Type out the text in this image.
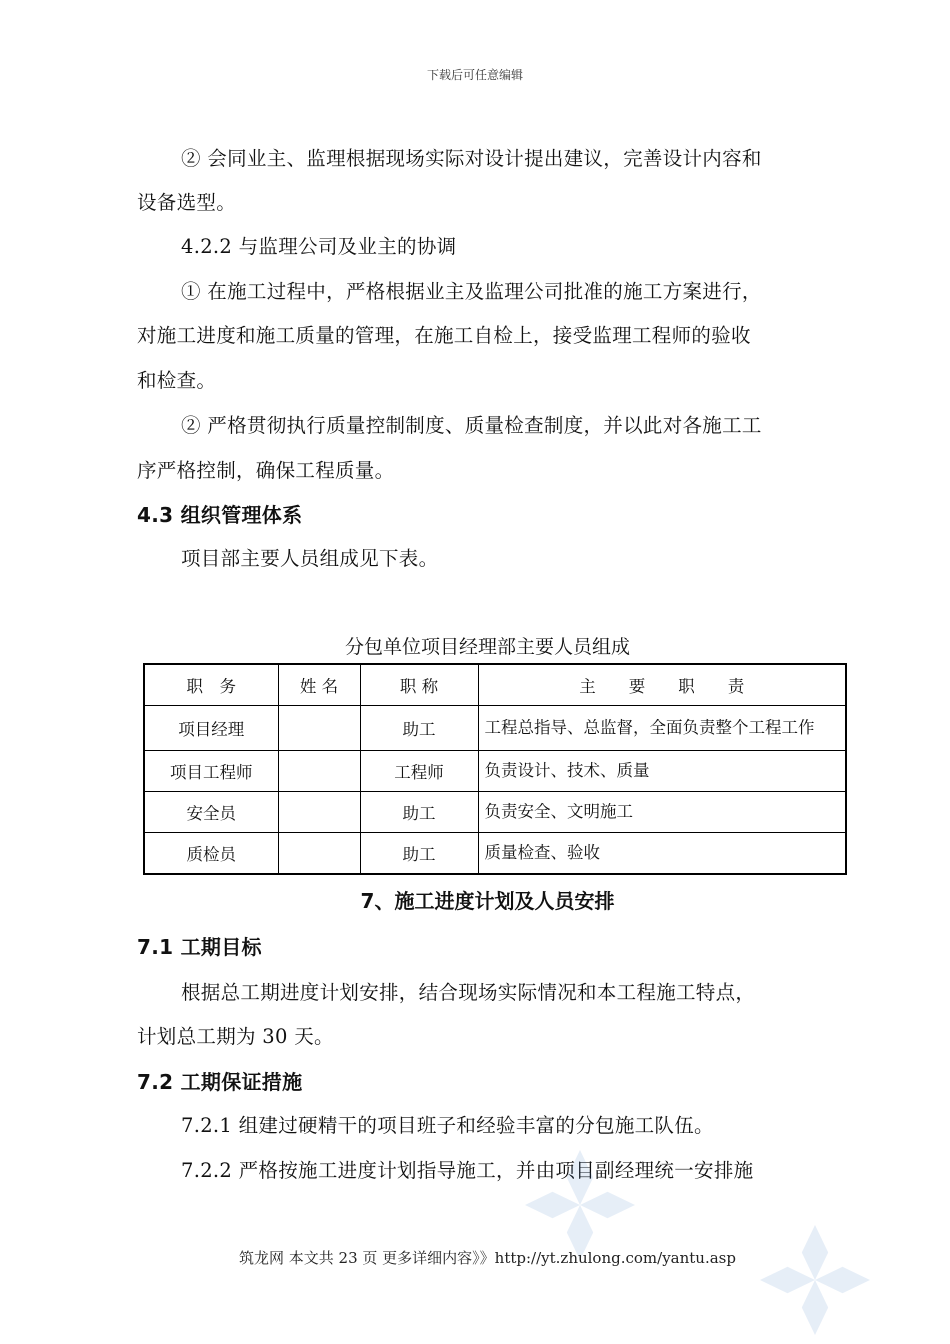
下载后可任意编辑
② 会同业主、监理根据现场实际对设计提出建议，完善设计内容和
设备选型。
4.2.2 与监理公司及业主的协调
① 在施工过程中，严格根据业主及监理公司批准的施工方案进行，
对施工进度和施工质量的管理，在施工自检上，接受监理工程师的验收
和检查。
② 严格贯彻执行质量控制制度、质量检查制度，并以此对各施工工
序严格控制，确保工程质量。
4.3 组织管理体系
项目部主要人员组成见下表。
分包单位项目经理部主要人员组成
职　务	姓 名	职 称	主　　要　　职　　责
项目经理		助工	工程总指导、总监督，全面负责整个工程工作
项目工程师		工程师	负责设计、技术、质量
安全员		助工	负责安全、文明施工
质检员		助工	质量检查、验收
7、施工进度计划及人员安排
7.1 工期目标
根据总工期进度计划安排，结合现场实际情况和本工程施工特点，
计划总工期为 30 天。
7.2 工期保证措施
7.2.1 组建过硬精干的项目班子和经验丰富的分包施工队伍。
7.2.2 严格按施工进度计划指导施工，并由项目副经理统一安排施
筑龙网 本文共 23 页 更多详细内容》》http://yt.zhulong.com/yantu.asp
